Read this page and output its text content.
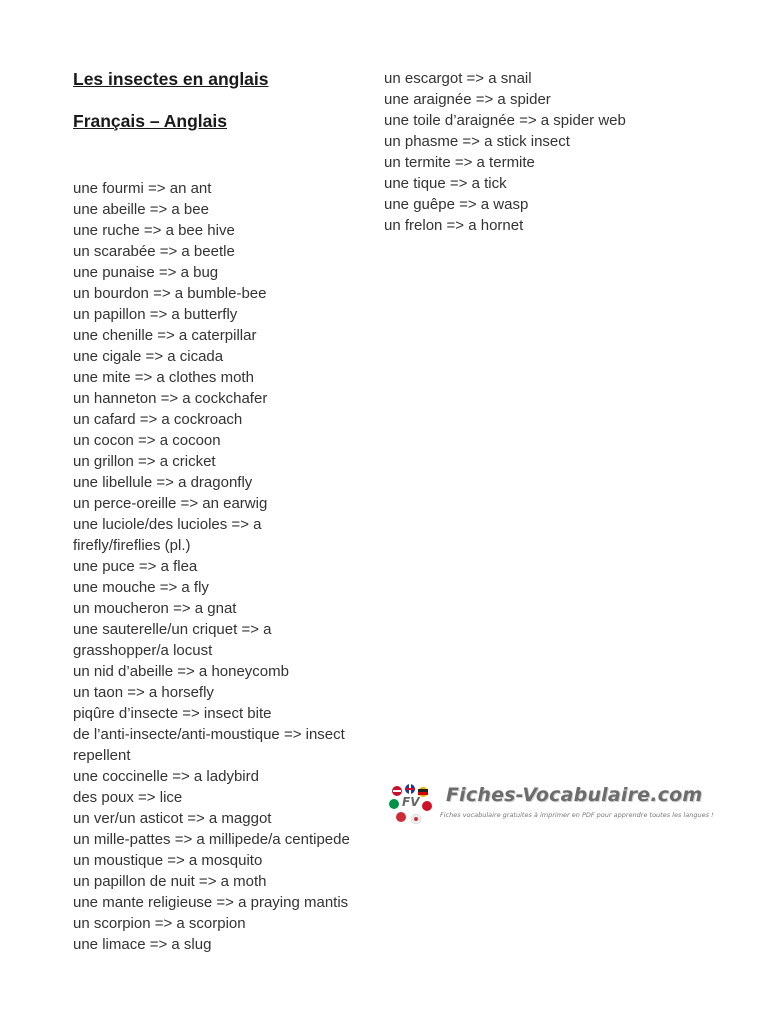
Les insectes en anglais
Français – Anglais
une fourmi => an ant
une abeille => a bee
une ruche => a bee hive
un scarabée => a beetle
une punaise => a bug
un bourdon => a bumble-bee
un papillon => a butterfly
une chenille => a caterpillar
une cigale => a cicada
une mite => a clothes moth
un hanneton => a cockchafer
un cafard => a cockroach
un cocon => a cocoon
un grillon => a cricket
une libellule => a dragonfly
un perce-oreille => an earwig
une luciole/des lucioles => a firefly/fireflies (pl.)
une puce => a flea
une mouche => a fly
un moucheron => a gnat
une sauterelle/un criquet => a grasshopper/a locust
un nid d’abeille => a honeycomb
un taon => a horsefly
piqûre d’insecte => insect bite
de l’anti-insecte/anti-moustique => insect repellent
une coccinelle => a ladybird
des poux => lice
un ver/un asticot => a maggot
un mille-pattes => a millipede/a centipede
un moustique => a mosquito
un papillon de nuit => a moth
une mante religieuse => a praying mantis
un scorpion => a scorpion
une limace => a slug
un escargot => a snail
une araignée => a spider
une toile d’araignée => a spider web
un phasme => a stick insect
un termite => a termite
une tique => a tick
une guêpe => a wasp
un frelon => a hornet
FV Fiches-Vocabulaire.com
Fiches vocabulaire gratuites à imprimer en PDF pour apprendre toutes les langues !
